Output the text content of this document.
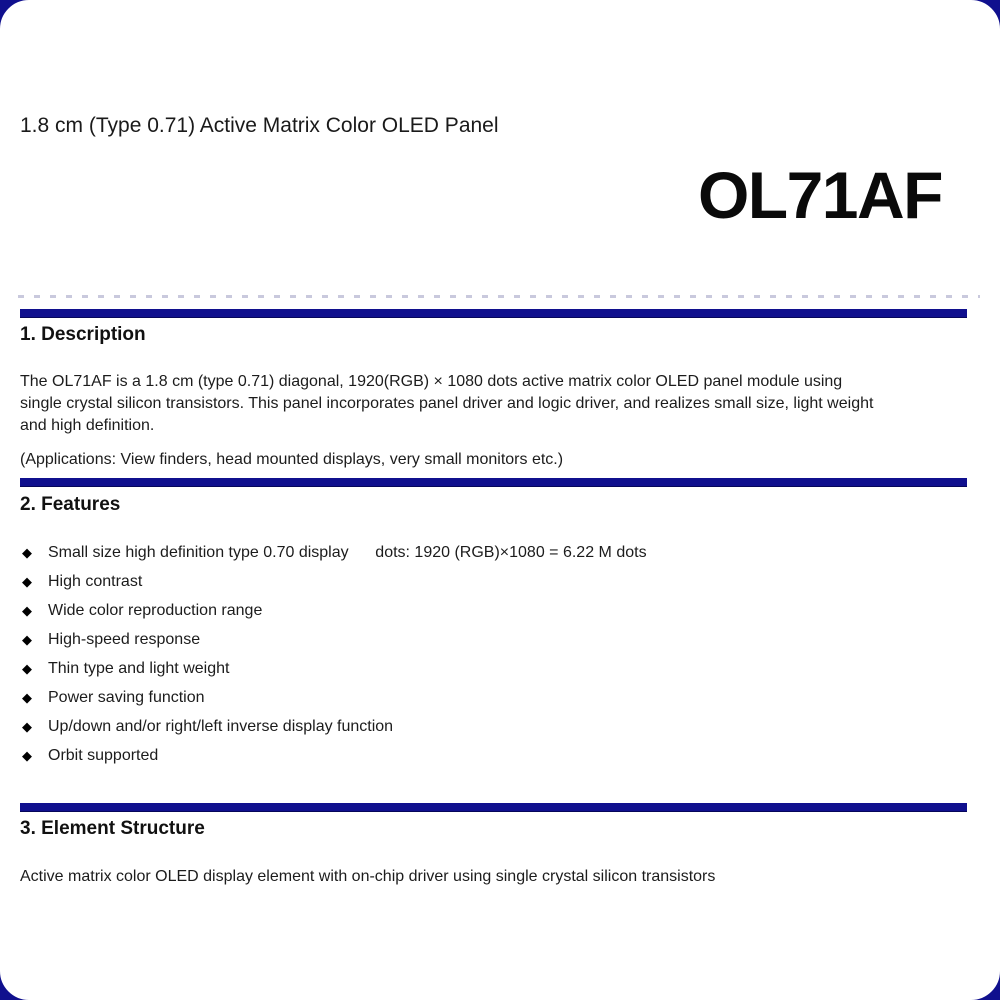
1.8 cm (Type 0.71) Active Matrix Color OLED Panel
OL71AF
1. Description
The OL71AF is a 1.8 cm (type 0.71) diagonal, 1920(RGB) × 1080 dots active matrix color OLED panel module using
single crystal silicon transistors. This panel incorporates panel driver and logic driver, and realizes small size, light weight
and high definition.
(Applications: View finders, head mounted displays, very small monitors etc.)
2. Features
◆	Small size high definition type 0.70 display      dots: 1920 (RGB)×1080 = 6.22 M dots
◆	High contrast
◆	Wide color reproduction range
◆	High-speed response
◆	Thin type and light weight
◆	Power saving function
◆	Up/down and/or right/left inverse display function
◆	Orbit supported
3. Element Structure
Active matrix color OLED display element with on-chip driver using single crystal silicon transistors
